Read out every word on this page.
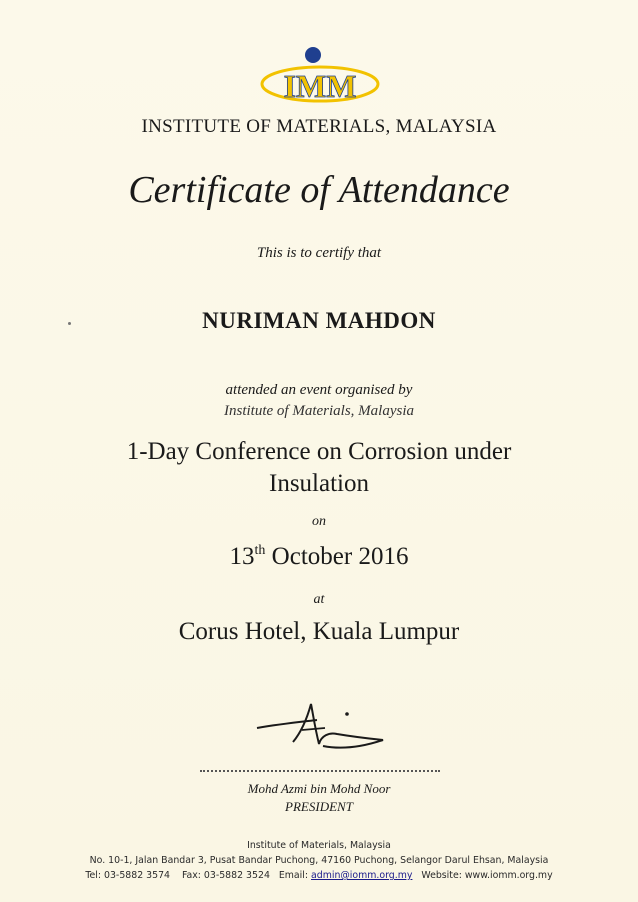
IMM
INSTITUTE OF MATERIALS, MALAYSIA
Certificate of Attendance
This is to certify that
NURIMAN MAHDON
attended an event organised by
Institute of Materials, Malaysia
1-Day Conference on Corrosion under
Insulation
on
13th October 2016
at
Corus Hotel, Kuala Lumpur
Mohd Azmi bin Mohd Noor
PRESIDENT
Institute of Materials, Malaysia
No. 10-1, Jalan Bandar 3, Pusat Bandar Puchong, 47160 Puchong, Selangor Darul Ehsan, Malaysia
Tel: 03-5882 3574 Fax: 03-5882 3524 Email: admin@iomm.org.my Website: www.iomm.org.my
